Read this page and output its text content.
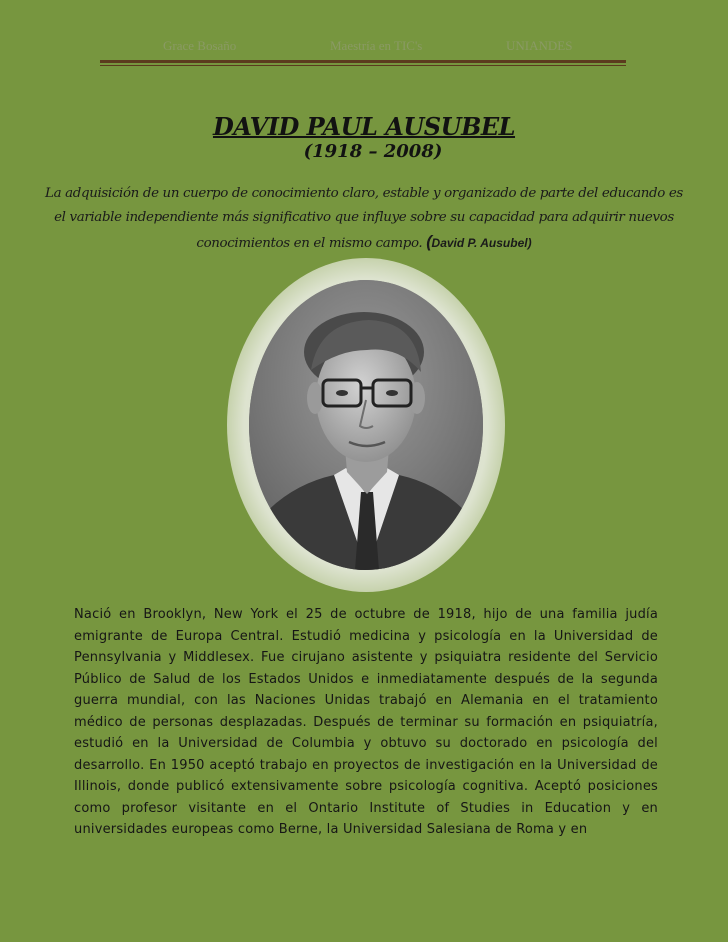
Grace Bosaño	Maestría en TIC's	UNIANDES
DAVID PAUL AUSUBEL
(1918 – 2008)
La adquisición de un cuerpo de conocimiento claro, estable y organizado de parte del educando es el variable independiente más significativo que influye sobre su capacidad para adquirir nuevos conocimientos en el mismo campo. (David P. Ausubel)
Nació en Brooklyn, New York el 25 de octubre de 1918, hijo de una familia judía emigrante de Europa Central. Estudió medicina y psicología en la Universidad de Pennsylvania y Middlesex. Fue cirujano asistente y psiquiatra residente del Servicio Público de Salud de los Estados Unidos e inmediatamente después de la segunda guerra mundial, con las Naciones Unidas trabajó en Alemania en el tratamiento médico de personas desplazadas. Después de terminar su formación en psiquiatría, estudió en la Universidad de Columbia y obtuvo su doctorado en psicología del desarrollo. En 1950 aceptó trabajo en proyectos de investigación en la Universidad de Illinois, donde publicó extensivamente sobre psicología cognitiva. Aceptó posiciones como profesor visitante en el Ontario Institute of Studies in Education y en universidades europeas como Berne, la Universidad Salesiana de Roma y en
